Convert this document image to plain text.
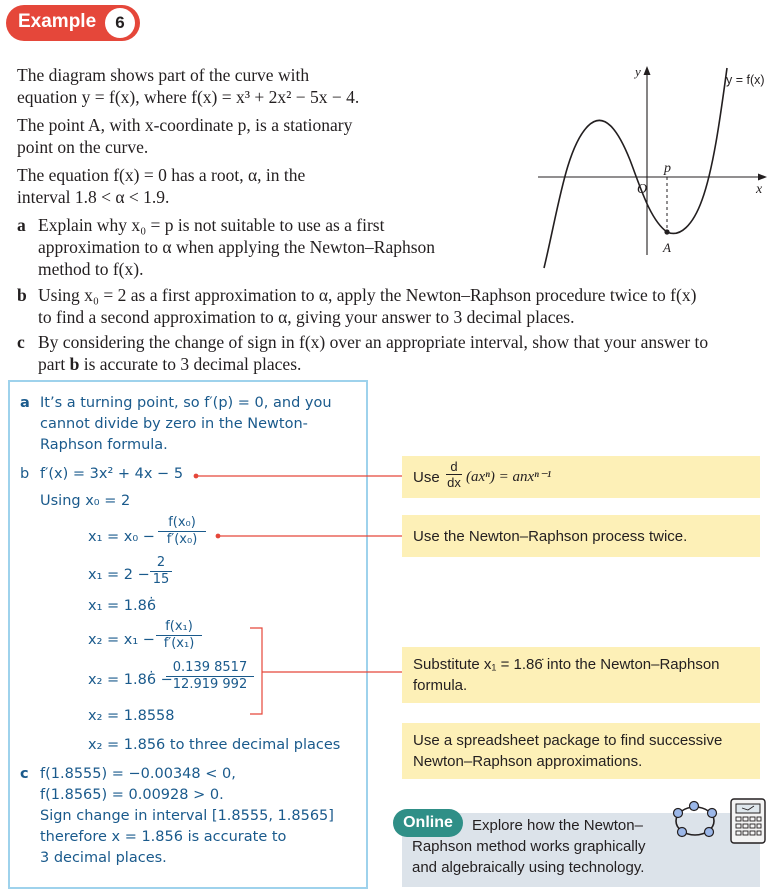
Example	6
The diagram shows part of the curve with
equation y = f(x), where f(x) = x³ + 2x² − 5x − 4.
The point A, with x-coordinate p, is a stationary
point on the curve.
The equation f(x) = 0 has a root, α, in the
interval 1.8 < α < 1.9.
a Explain why x₀ = p is not suitable to use as a first
approximation to α when applying the Newton–Raphson
method to f(x).
b Using x₀ = 2 as a first approximation to α, apply the Newton–Raphson procedure twice to f(x)
to find a second approximation to α, giving your answer to 3 decimal places.
c By considering the change of sign in f(x) over an appropriate interval, show that your answer to
part b is accurate to 3 decimal places.
y
x
O
p
A
y = f(x)
a It’s a turning point, so f′(p) = 0, and you
cannot divide by zero in the Newton-
Raphson formula.
b f′(x) = 3x² + 4x − 5
Using x₀ = 2
x₁ = x₀ −
f(x₀)
f′(x₀)
x₁ = 2 −
2
15
x₁ = 1.86̇
x₂ = x₁ −
f(x₁)
f′(x₁)
x₂ = 1.86̇ −
0.139 8517
12.919 992
x₂ = 1.8558
x₂ = 1.856 to three decimal places
c f(1.8555) = −0.00348 < 0,
f(1.8565) = 0.00928 > 0.
Sign change in interval [1.8555, 1.8565]
therefore x = 1.856 is accurate to
3 decimal places.
Use
d
dx (axⁿ) = anxⁿ⁻¹
Use the Newton–Raphson process twice.
Substitute x₁ = 1.86̇ into the Newton–Raphson
formula.
Use a spreadsheet package to find successive
Newton–Raphson approximations.
Online	Explore how the Newton–
Raphson method works graphically
and algebraically using technology.
